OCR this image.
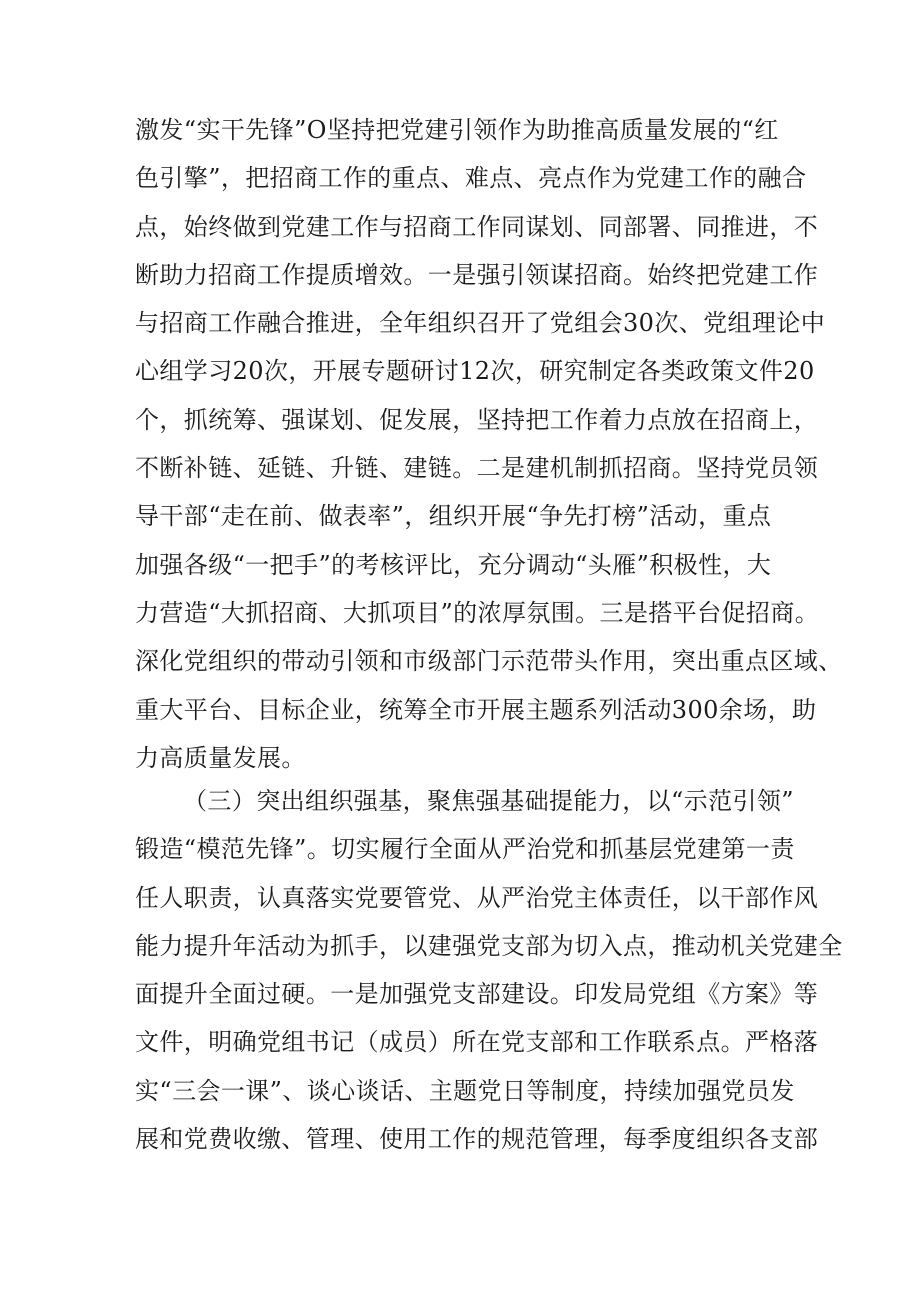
激发“实干先锋”O坚持把党建引领作为助推高质量发展的“红
色引擎”，把招商工作的重点、难点、亮点作为党建工作的融合
点，始终做到党建工作与招商工作同谋划、同部署、同推进，不
断助力招商工作提质增效。一是强引领谋招商。始终把党建工作
与招商工作融合推进，全年组织召开了党组会30次、党组理论中
心组学习20次，开展专题研讨12次，研究制定各类政策文件20
个，抓统筹、强谋划、促发展，坚持把工作着力点放在招商上，
不断补链、延链、升链、建链。二是建机制抓招商。坚持党员领
导干部“走在前、做表率”，组织开展“争先打榜”活动，重点
加强各级“一把手”的考核评比，充分调动“头雁”积极性，大
力营造“大抓招商、大抓项目”的浓厚氛围。三是搭平台促招商。
深化党组织的带动引领和市级部门示范带头作用，突出重点区域、
重大平台、目标企业，统筹全市开展主题系列活动300余场，助
力高质量发展。
（三）突出组织强基，聚焦强基础提能力，以“示范引领”
锻造“模范先锋”。切实履行全面从严治党和抓基层党建第一责
任人职责，认真落实党要管党、从严治党主体责任，以干部作风
能力提升年活动为抓手，以建强党支部为切入点，推动机关党建全
面提升全面过硬。一是加强党支部建设。印发局党组《方案》等
文件，明确党组书记（成员）所在党支部和工作联系点。严格落
实“三会一课”、谈心谈话、主题党日等制度，持续加强党员发
展和党费收缴、管理、使用工作的规范管理，每季度组织各支部
